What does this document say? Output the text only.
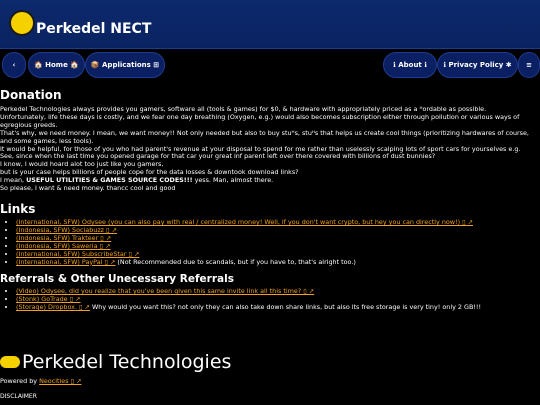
Perkedel NECT
‹	🏠 Home 🏠	📦 Applications ⊞	ℹ About ℹ	ℹ Privacy Policy ✱	≡
Donation

Perkedel Technologies always provides you gamers, software all (tools & games) for $0, & hardware with appropriately priced as a ᴴordable as possible.

Unfortunately, life these days is costly, and we fear one day breathing (Oxygen, e.g.) would also becomes subscription either through pollution or various ways of egregious greeds.

That's why, we need money. I mean, we want money!! Not only needed but also to buy stuᴴs, stuᴴs that helps us create cool things (prioritizing hardwares of course, and some games, less tools).

It would be helpful, for those of you who had parent's revenue at your disposal to spend for me rather than uselessly scalping lots of sport cars for yourselves e.g.

See, since when the last time you opened garage for that car your great inf parent left over there covered with billions of dust bunnies?

I know, I would hoard alot too just like you gamers,

but is your case helps billions of people cope for the data losses & downtook download links?

I mean, USEFUL UTILITIES & GAMES SOURCE CODES!!! yess. Man, almost there.

So please, I want & need money. thancc cool and good

Links
• (International, SFW) Odysee (you can also pay with real / centralized money! Well, if you don't want crypto, but hey you can directly now!) ▯ ↗
• (Indonesia, SFW) Sociabuzz ▯ ↗
• (Indonesia, SFW) Trakteer ▯ ↗
• (Indonesia, SFW) Saweria ▯ ↗
• (International, SFW) SubscribeStar ▯ ↗
• (International, SFW) PayPal ▯ ↗ (Not Recommended due to scandals, but if you have to, that's alright too.)
Referrals & Other Unecessary Referrals
• (Video) Odysee, did you realize that you've been given this same invite link all this time? ▯ ↗
• (Stonk) GoTrade ▯ ↗
• (Storage) Dropbox. ▯ ↗ Why would you want this? not only they can also take down share links, but also its free storage is very tiny! only 2 GB!!!
Perkedel Technologies
Powered by Neocities ▯ ↗
DISCLAIMER
